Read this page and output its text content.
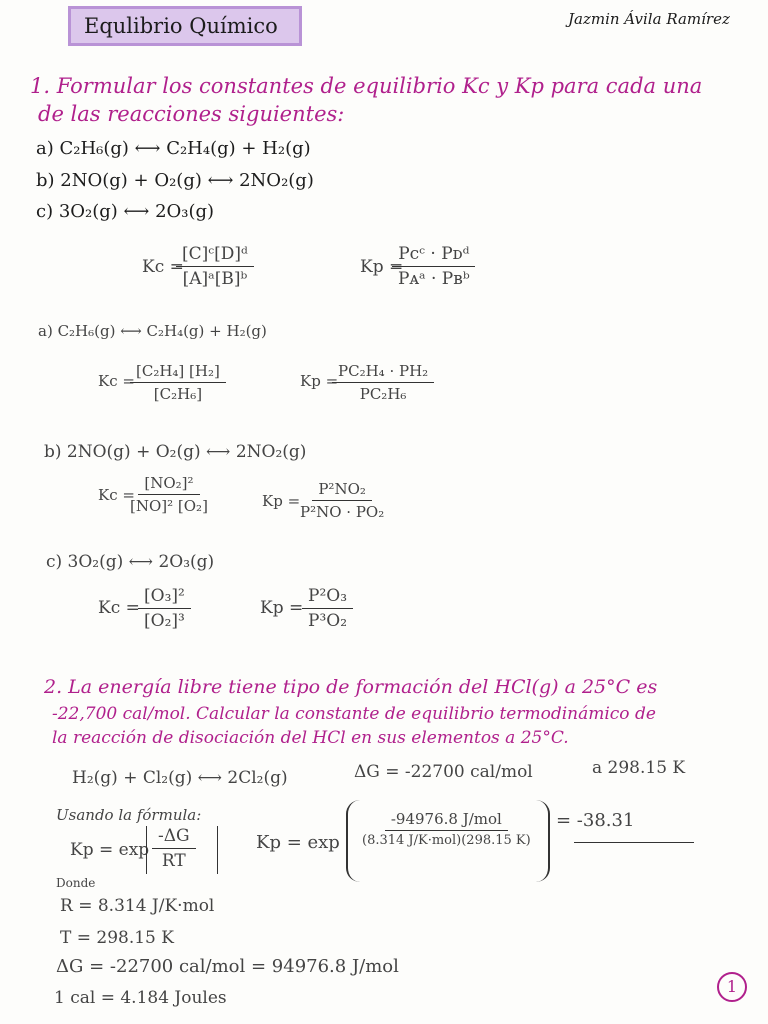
Equlibrio Químico	Jazmin Ávila Ramírez
1. Formular los constantes de equilibrio Kc y Kp para cada una
de las reacciones siguientes:
a) C₂H₆(g) ⟷ C₂H₄(g) + H₂(g)
b) 2NO(g) + O₂(g) ⟷ 2NO₂(g)
c) 3O₂(g) ⟷ 2O₃(g)
Kc =
$\frac{\text{[C]ᶜ[D]ᵈ}}{\text{[A]ᵃ[B]ᵇ}}$	Kp =
Pcᶜ · Pᴅᵈ
Pᴀᵃ · Pʙᵇ
a) C₂H₆(g) ⟷ C₂H₄(g) + H₂(g)
Kc =
$\frac{\text{[C₂H₄] [H₂]}}{\text{[C₂H₆]}}$	Kp =
$\frac{\text{PC₂H₄ · PH₂}}{\text{PC₂H₆}}$
b) 2NO(g) + O₂(g) ⟷ 2NO₂(g)
Kc =
$\frac{\text{[NO₂]²}}{\text{[NO]² [O₂]}}$	Kp =
$\frac{\text{P²NO₂}}{\text{P²NO · PO₂}}$
c) 3O₂(g) ⟷ 2O₃(g)
Kc =
$\frac{\text{[O₃]²}}{\text{[O₂]³}}$	Kp =
$\frac{\text{P²O₃}}{\text{P³O₂}}$
2. La energía libre tiene tipo de formación del HCl(g) a 25°C es
-22,700 cal/mol. Calcular la constante de equilibrio termodinámico de
la reacción de disociación del HCl en sus elementos a 25°C.
H₂(g) + Cl₂(g) ⟷ 2Cl₂(g)	ΔG = -22700 cal/mol	a 298.15 K
Usando la fórmula:
$Kp = \exp \frac{-\Delta G}{RT}$	Kp = exp
-94976.8 J/mol
(8.314 J/K·mol)(298.15 K)
= -38.31
Donde
R = 8.314 J/K·mol
T = 298.15 K
ΔG = -22700 cal/mol = 94976.8 J/mol
1 cal = 4.184 Joules
1
